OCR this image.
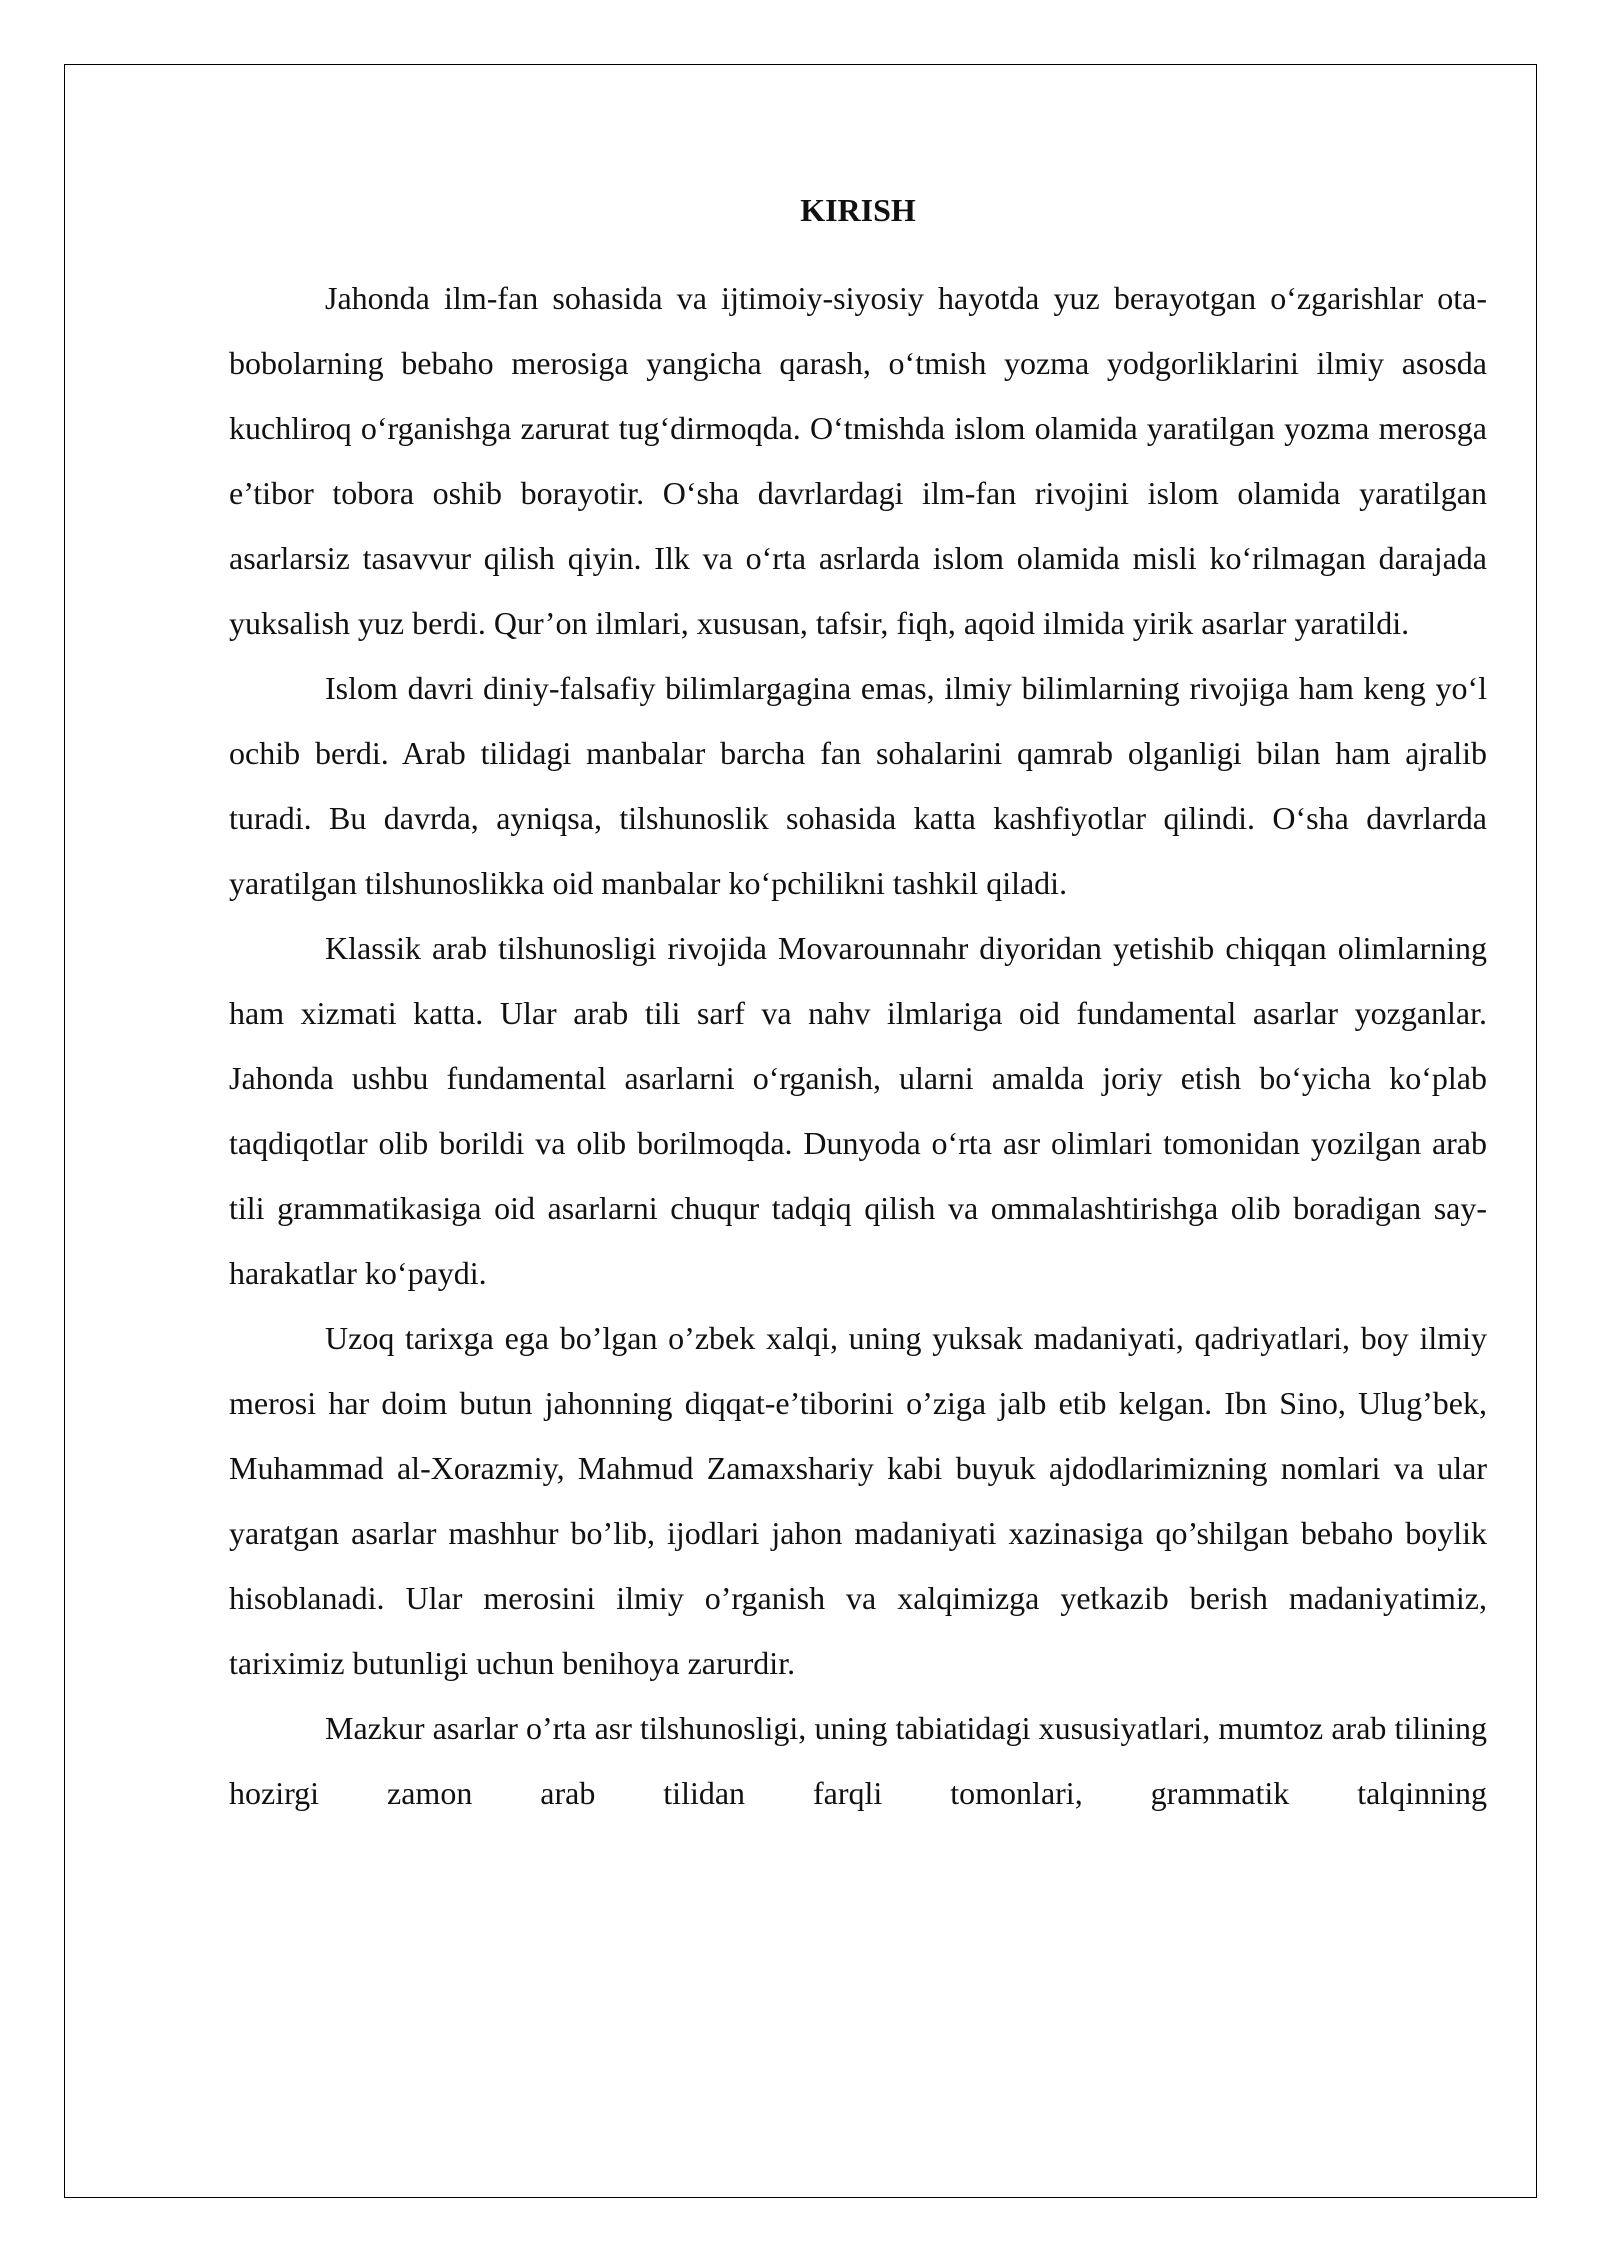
KIRISH

Jahonda ilm-fan sohasida va ijtimoiy-siyosiy hayotda yuz berayotgan o‘zgarishlar ota-bobolarning bebaho merosiga yangicha qarash, o‘tmish yozma yodgorliklarini ilmiy asosda kuchliroq o‘rganishga zarurat tug‘dirmoqda. O‘tmishda islom olamida yaratilgan yozma merosga e’tibor tobora oshib borayotir. O‘sha davrlardagi ilm-fan rivojini islom olamida yaratilgan asarlarsiz tasavvur qilish qiyin. Ilk va o‘rta asrlarda islom olamida misli ko‘rilmagan darajada yuksalish yuz berdi. Qur’on ilmlari, xususan, tafsir, fiqh, aqoid ilmida yirik asarlar yaratildi.

Islom davri diniy-falsafiy bilimlargagina emas, ilmiy bilimlarning rivojiga ham keng yo‘l ochib berdi. Arab tilidagi manbalar barcha fan sohalarini qamrab olganligi bilan ham ajralib turadi. Bu davrda, ayniqsa, tilshunoslik sohasida katta kashfiyotlar qilindi. O‘sha davrlarda yaratilgan tilshunoslikka oid manbalar ko‘pchilikni tashkil qiladi.

Klassik arab tilshunosligi rivojida Movarounnahr diyoridan yetishib chiqqan olimlarning ham xizmati katta. Ular arab tili sarf va nahv ilmlariga oid fundamental asarlar yozganlar. Jahonda ushbu fundamental asarlarni o‘rganish, ularni amalda joriy etish bo‘yicha ko‘plab taqdiqotlar olib borildi va olib borilmoqda. Dunyoda o‘rta asr olimlari tomonidan yozilgan arab tili grammatikasiga oid asarlarni chuqur tadqiq qilish va ommalashtirishga olib boradigan say-harakatlar ko‘paydi.

Uzoq tarixga ega bo’lgan o’zbek xalqi, uning yuksak madaniyati, qadriyatlari, boy ilmiy merosi har doim butun jahonning diqqat-e’tiborini o’ziga jalb etib kelgan. Ibn Sino, Ulug’bek, Muhammad al-Xorazmiy, Mahmud Zamaxshariy kabi buyuk ajdodlarimizning nomlari va ular yaratgan asarlar mashhur bo’lib, ijodlari jahon madaniyati xazinasiga qo’shilgan bebaho boylik hisoblanadi. Ular merosini ilmiy o’rganish va xalqimizga yetkazib berish madaniyatimiz, tariximiz butunligi uchun benihoya zarurdir.

Mazkur asarlar o’rta asr tilshunosligi, uning tabiatidagi xususiyatlari, mumtoz arab tilining hozirgi zamon arab tilidan farqli tomonlari, grammatik talqinning
